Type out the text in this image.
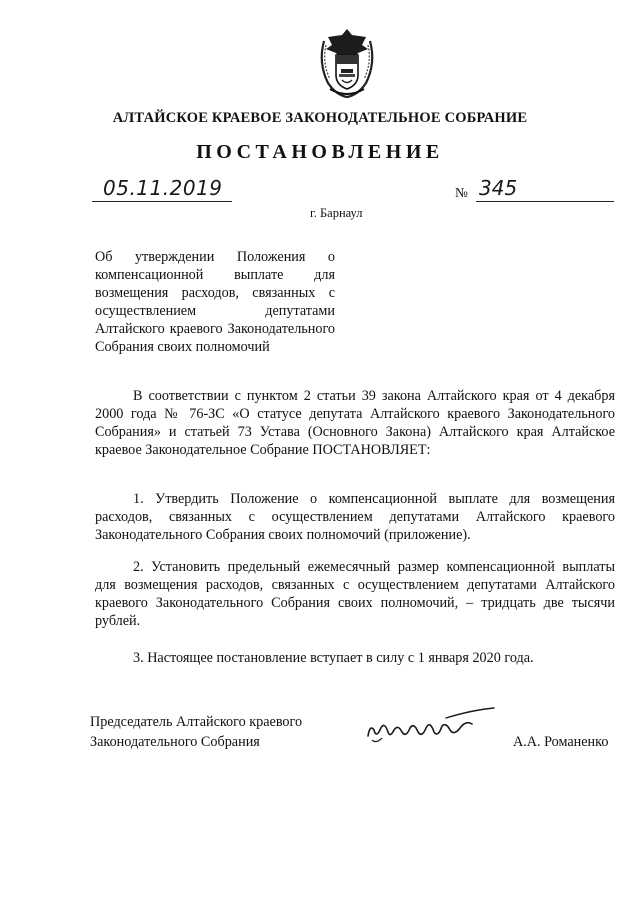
АЛТАЙСКОЕ КРАЕВОЕ ЗАКОНОДАТЕЛЬНОЕ СОБРАНИЕ
ПОСТАНОВЛЕНИЕ
05.11.2019	№ 345
г. Барнаул
Об утверждении Положения о компенсационной выплате для возмещения расходов, связанных с осуществлением депутатами Алтайского краевого Законодательного Собрания своих полномочий
В соответствии с пунктом 2 статьи 39 закона Алтайского края от 4 декабря 2000 года № 76-ЗС «О статусе депутата Алтайского краевого Законодательного Собрания» и статьей 73 Устава (Основного Закона) Алтайского края Алтайское краевое Законодательное Собрание ПОСТАНОВЛЯЕТ:
1. Утвердить Положение о компенсационной выплате для возмещения расходов, связанных с осуществлением депутатами Алтайского краевого Законодательного Собрания своих полномочий (приложение).
2. Установить предельный ежемесячный размер компенсационной выплаты для возмещения расходов, связанных с осуществлением депутатами Алтайского краевого Законодательного Собрания своих полномочий, – тридцать две тысячи рублей.
3. Настоящее постановление вступает в силу с 1 января 2020 года.
Председатель Алтайского краевого
Законодательного Собрания	А.А. Романенко
